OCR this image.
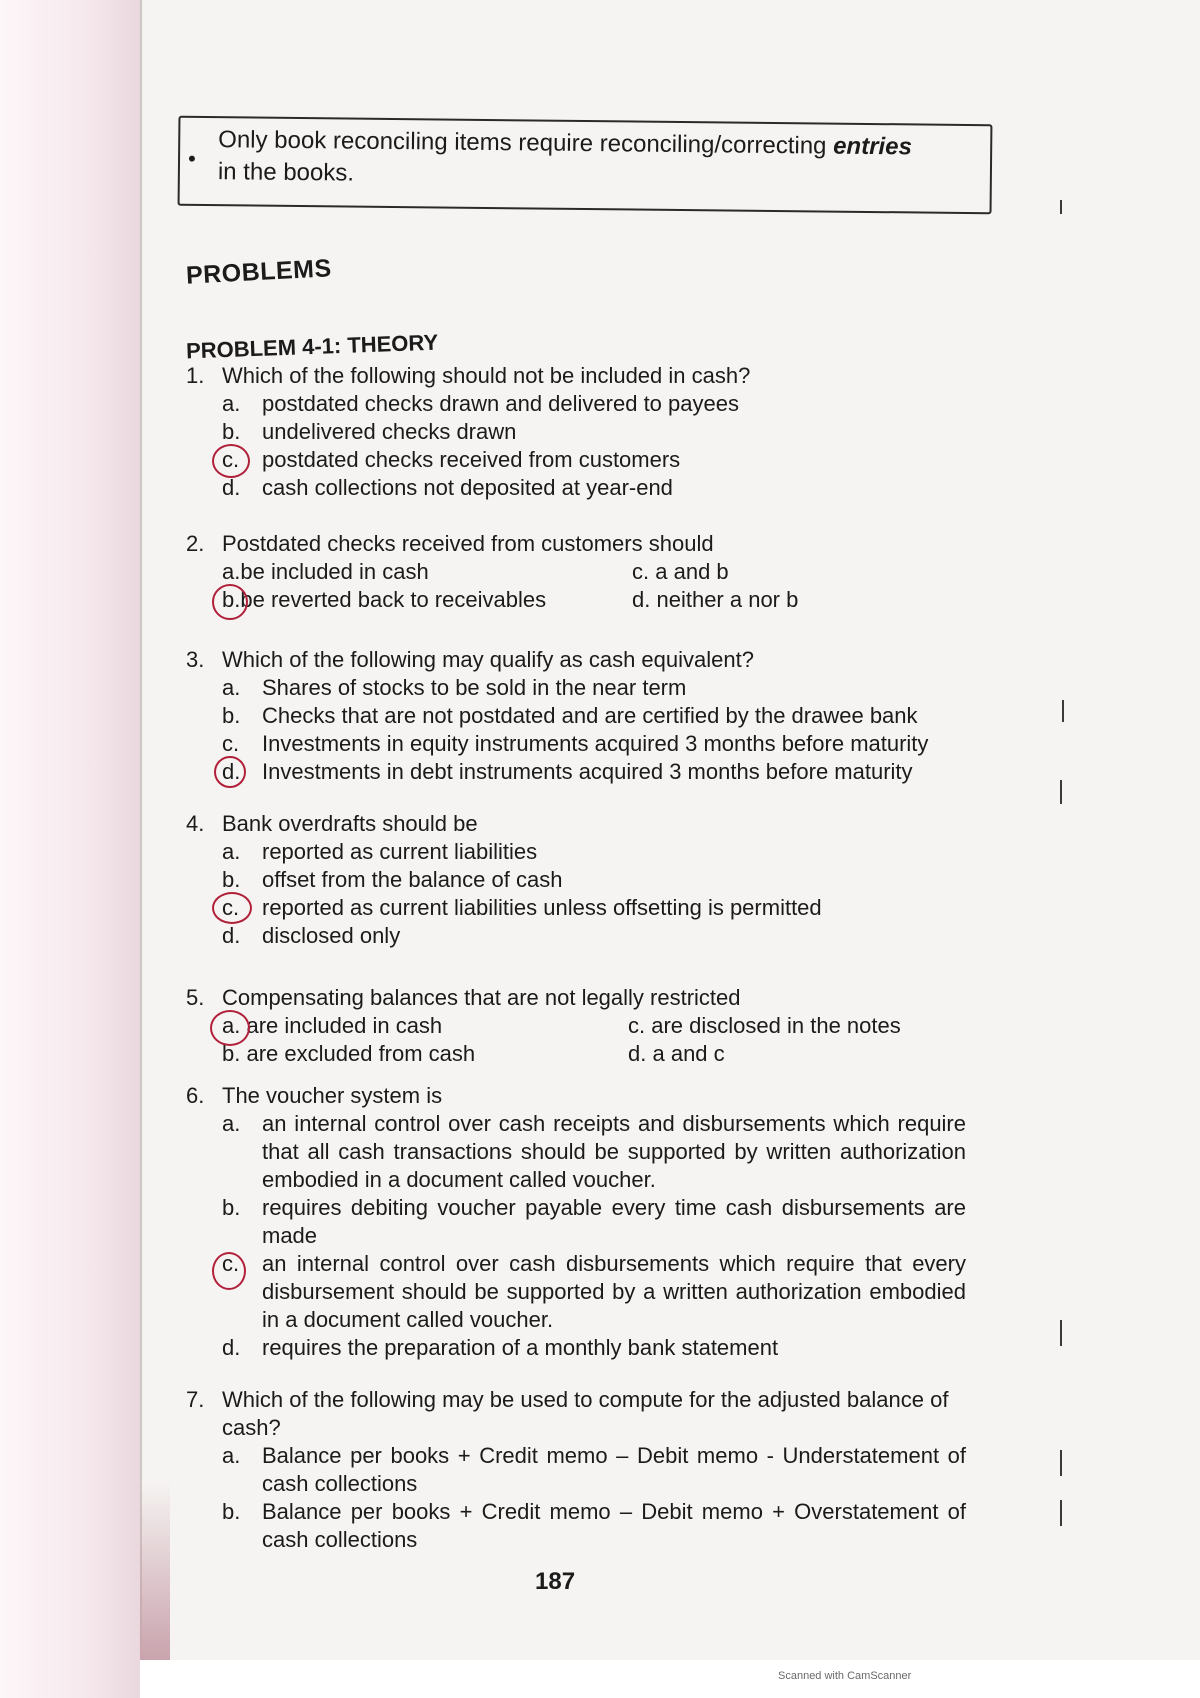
• Only book reconciling items require reconciling/correcting entries
in the books.
PROBLEMS
PROBLEM 4-1: THEORY
1. Which of the following should not be included in cash?
a. postdated checks drawn and delivered to payees
b. undelivered checks drawn
c.	postdated checks received from customers
d. cash collections not deposited at year-end
2. Postdated checks received from customers should
a.be included in cash	c. a and b
b.be reverted back to receivables	d. neither a nor b
3. Which of the following may qualify as cash equivalent?
a. Shares of stocks to be sold in the near term
b. Checks that are not postdated and are certified by the drawee bank
c.	Investments in equity instruments acquired 3 months before maturity
d. Investments in debt instruments acquired 3 months before maturity
4. Bank overdrafts should be
a. reported as current liabilities
b. offset from the balance of cash
c.	reported as current liabilities unless offsetting is permitted
d. disclosed only
5. Compensating balances that are not legally restricted
a. are included in cash	c. are disclosed in the notes
b. are excluded from cash	d. a and c
6. The voucher system is
a. an internal control over cash receipts and disbursements which require that all cash transactions should be supported by written authorization embodied in a document called voucher.
b. requires debiting voucher payable every time cash disbursements are made
c.	an internal control over cash disbursements which require that every disbursement should be supported by a written authorization embodied in a document called voucher.
d. requires the preparation of a monthly bank statement
7. Which of the following may be used to compute for the adjusted balance of cash?
a. Balance per books + Credit memo – Debit memo - Understatement of cash collections
b. Balance per books + Credit memo – Debit memo + Overstatement of cash collections
187
Scanned with CamScanner
